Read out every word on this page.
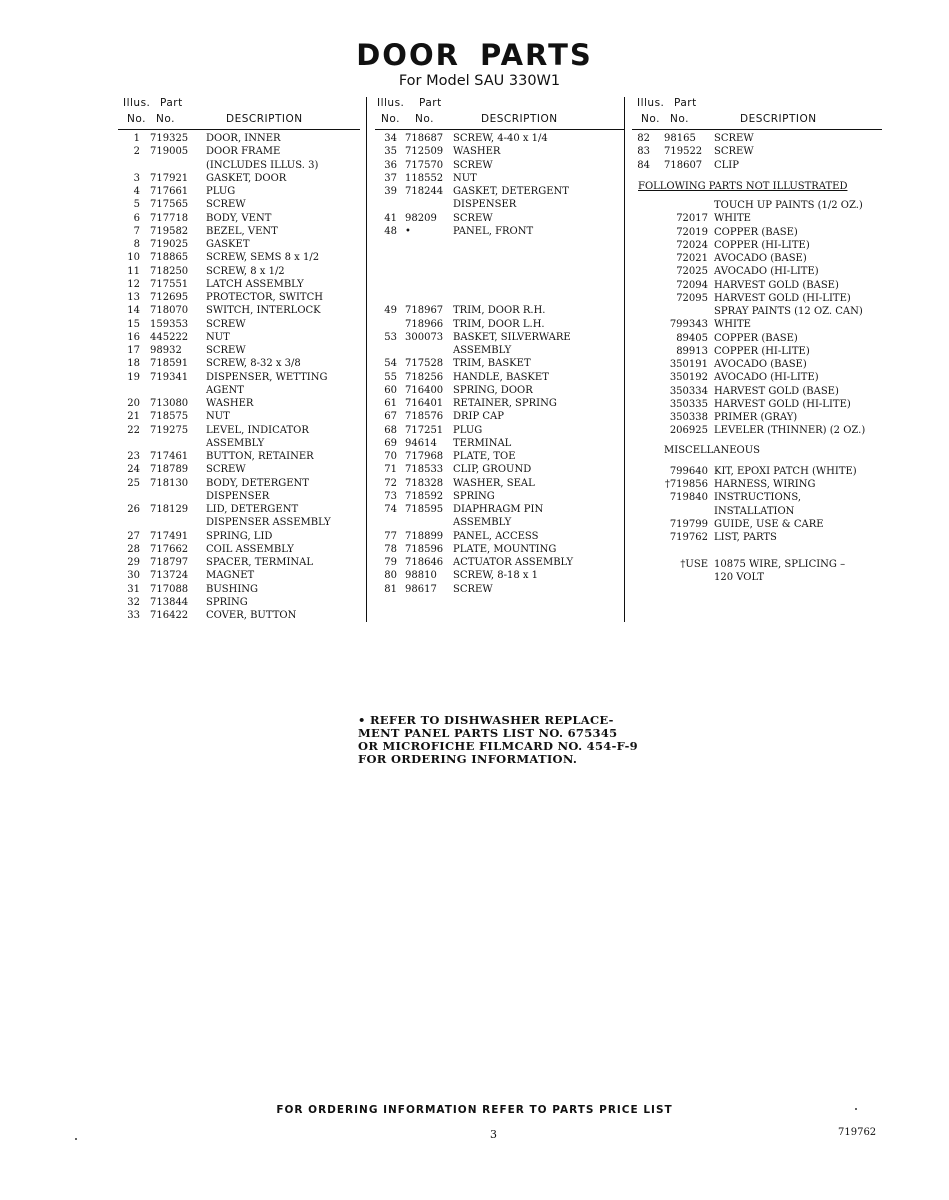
DOOR PARTS
For Model SAU 330W1
Illus. Part
No. No.	DESCRIPTION
1 719325 DOOR, INNER
2 719005 DOOR FRAME
(INCLUDES ILLUS. 3)
3 717921 GASKET, DOOR
4 717661 PLUG
5 717565 SCREW
6 717718 BODY, VENT
7 719582 BEZEL, VENT
8 719025 GASKET
10 718865 SCREW, SEMS 8 x 1/2
11 718250 SCREW, 8 x 1/2
12 717551 LATCH ASSEMBLY
13 712695 PROTECTOR, SWITCH
14 718070 SWITCH, INTERLOCK
15 159353 SCREW
16 445222 NUT
17 98932 SCREW
18 718591 SCREW, 8-32 x 3/8
19 719341 DISPENSER, WETTING
AGENT
20 713080 WASHER
21 718575 NUT
22 719275 LEVEL, INDICATOR
ASSEMBLY
23 717461 BUTTON, RETAINER
24 718789 SCREW
25 718130 BODY, DETERGENT
DISPENSER
26 718129 LID, DETERGENT
DISPENSER ASSEMBLY
27 717491 SPRING, LID
28 717662 COIL ASSEMBLY
29 718797 SPACER, TERMINAL
30 713724 MAGNET
31 717088 BUSHING
32 713844 SPRING
33 716422 COVER, BUTTON
Illus. Part
No. No.	DESCRIPTION
34 718687 SCREW, 4-40 x 1/4
35 712509 WASHER
36 717570 SCREW
37 118552 NUT
39 718244 GASKET, DETERGENT
DISPENSER
41 98209 SCREW
48 •	PANEL, FRONT
49 718967 TRIM, DOOR R.H.
718966 TRIM, DOOR L.H.
53 300073 BASKET, SILVERWARE
ASSEMBLY
54 717528 TRIM, BASKET
55 718256 HANDLE, BASKET
60 716400 SPRING, DOOR
61 716401 RETAINER, SPRING
67 718576 DRIP CAP
68 717251 PLUG
69 94614 TERMINAL
70 717968 PLATE, TOE
71 718533 CLIP, GROUND
72 718328 WASHER, SEAL
73 718592 SPRING
74 718595 DIAPHRAGM PIN
ASSEMBLY
77 718899 PANEL, ACCESS
78 718596 PLATE, MOUNTING
79 718646 ACTUATOR ASSEMBLY
80 98810 SCREW, 8-18 x 1
81 98617 SCREW
Illus. Part
No. No.	DESCRIPTION
82 98165 SCREW
83 719522 SCREW
84 718607 CLIP
FOLLOWING PARTS NOT ILLUSTRATED
TOUCH UP PAINTS (1/2 OZ.)
72017 WHITE
72019 COPPER (BASE)
72024 COPPER (HI-LITE)
72021 AVOCADO (BASE)
72025 AVOCADO (HI-LITE)
72094 HARVEST GOLD (BASE)
72095 HARVEST GOLD (HI-LITE)
SPRAY PAINTS (12 OZ. CAN)
799343 WHITE
89405 COPPER (BASE)
89913 COPPER (HI-LITE)
350191 AVOCADO (BASE)
350192 AVOCADO (HI-LITE)
350334 HARVEST GOLD (BASE)
350335 HARVEST GOLD (HI-LITE)
350338 PRIMER (GRAY)
206925 LEVELER (THINNER) (2 OZ.)
MISCELLANEOUS
799640 KIT, EPOXI PATCH (WHITE)
†719856 HARNESS, WIRING
719840 INSTRUCTIONS,
INSTALLATION
719799 GUIDE, USE & CARE
719762 LIST, PARTS
†USE 10875 WIRE, SPLICING –
120 VOLT
• REFER TO DISHWASHER REPLACE-
MENT PANEL PARTS LIST NO. 675345
OR MICROFICHE FILMCARD NO. 454-F-9
FOR ORDERING INFORMATION.
FOR ORDERING INFORMATION REFER TO PARTS PRICE LIST
3	719762
